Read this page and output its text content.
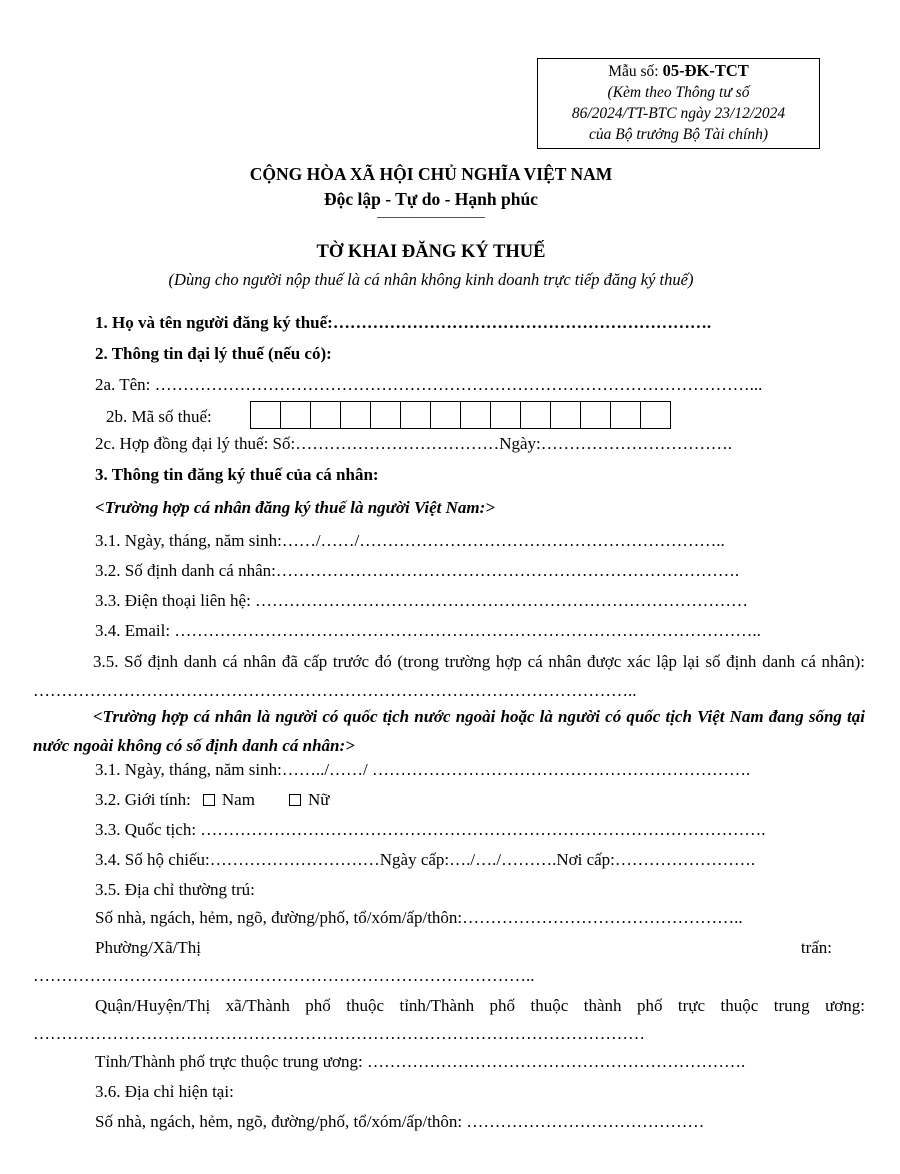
Mẫu số: 05-ĐK-TCT
(Kèm theo Thông tư số
86/2024/TT-BTC ngày 23/12/2024
của Bộ trưởng Bộ Tài chính)
CỘNG HÒA XÃ HỘI CHỦ NGHĨA VIỆT NAM
Độc lập - Tự do - Hạnh phúc
TỜ KHAI ĐĂNG KÝ THUẾ
(Dùng cho người nộp thuế là cá nhân không kinh doanh trực tiếp đăng ký thuế)
1. Họ và tên người đăng ký thuế:………………………………………………………….
2. Thông tin đại lý thuế (nếu có):
2a. Tên: ……………………………………………………………………………………………...
2b. Mã số thuế:
2c. Hợp đồng đại lý thuế: Số:………………………………Ngày:…………………………….
3. Thông tin đăng ký thuế của cá nhân:
<Trường hợp cá nhân đăng ký thuế là người Việt Nam:>
3.1. Ngày, tháng, năm sinh:……/……/………………………………………………………..
3.2. Số định danh cá nhân:……………………………………………………………………….
3.3. Điện thoại liên hệ: ……………………………………………………………………………
3.4. Email: …………………………………………………………………………………………..
3.5. Số định danh cá nhân đã cấp trước đó (trong trường hợp cá nhân được xác lập lại số định danh cá nhân): ……………………………………………………………………………………………..
<Trường hợp cá nhân là người có quốc tịch nước ngoài hoặc là người có quốc tịch Việt Nam đang sống tại nước ngoài không có số định danh cá nhân:>
3.1. Ngày, tháng, năm sinh:……../……/ ………………………………………………………….
3.2. Giới tính: Nam	Nữ
3.3. Quốc tịch: ……………………………………………………………………………………….
3.4. Số hộ chiếu:…………………………Ngày cấp:…./…./……….Nơi cấp:…………………….
3.5. Địa chỉ thường trú:
Số nhà, ngách, hẻm, ngõ, đường/phố, tổ/xóm/ấp/thôn:…………………………………………..
Phường/Xã/Thị	trấn:
……………………………………………………………………………..
Quận/Huyện/Thị xã/Thành phố thuộc tỉnh/Thành phố thuộc thành phố trực thuộc trung ương:
………………………………………………………………………………………………
Tỉnh/Thành phố trực thuộc trung ương: ………………………………………………………….
3.6. Địa chỉ hiện tại:
Số nhà, ngách, hẻm, ngõ, đường/phố, tổ/xóm/ấp/thôn: ……………………………………
